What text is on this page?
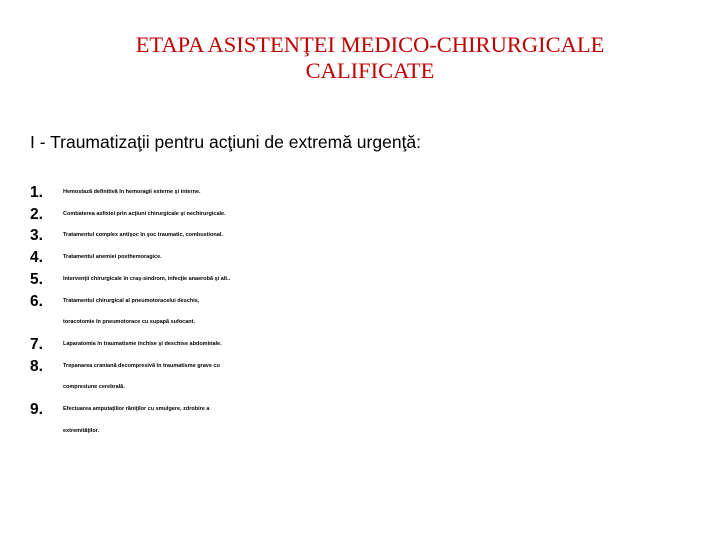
ETAPA ASISTENŢEI MEDICO-CHIRURGICALE
CALIFICATE
I - Traumatizaţii pentru acţiuni de extremă urgenţă:
1.	Hemostază definitivă în hemoragii externe şi interne.
2.	Combaterea asfixiei prin acţiuni chirurgicale şi nechirurgicale.
3.	Tratamentul complex antişoc în şoc traumatic, combustional.
4.	Tratamentul anemiei posthemoragice.
5.	Intervenţii chirurgicale în craş-sindrom, infecţie anaerobă şi alt..
6.	Tratamentul chirurgical al pneumotoracelui deschis,
toracotomie în pneumotorace cu supapă sufocant.
7.	Laparatomia în traumatisme închise şi deschise abdominale.
8.	Trepanarea craniană decompresivă în traumatisme grave cu
compresiune cerebrală.
9.	Efectuarea amputaţiilor răniţilor cu smulgere, zdrobire a
extremităţilor.
